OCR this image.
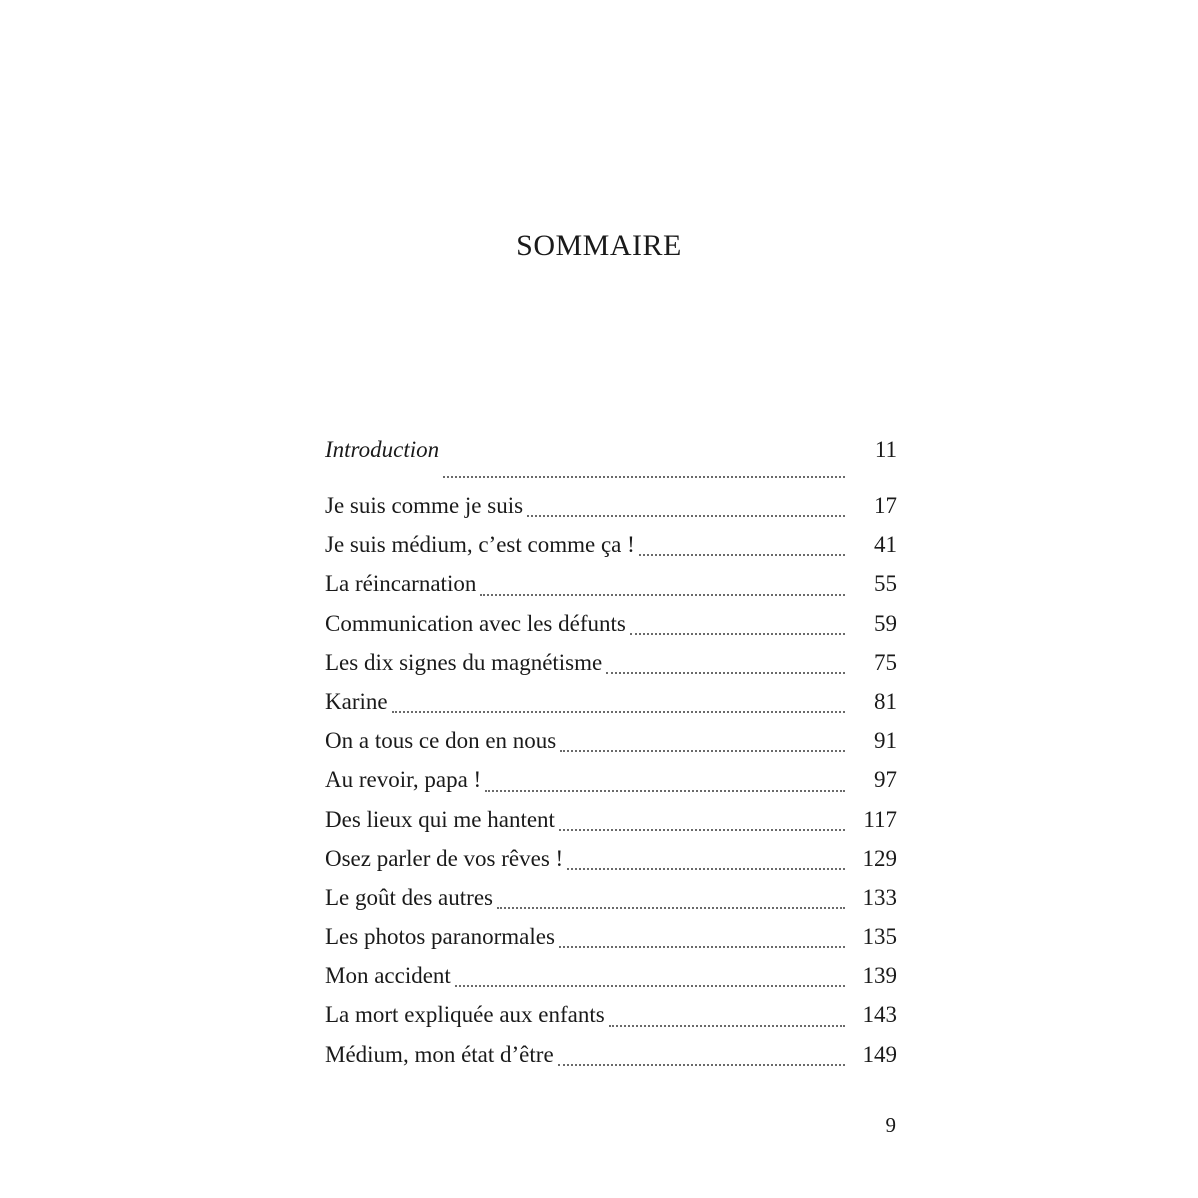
SOMMAIRE
Introduction	11
Je suis comme je suis	17
Je suis médium, c’est comme ça !	41
La réincarnation	55
Communication avec les défunts	59
Les dix signes du magnétisme	75
Karine	81
On a tous ce don en nous	91
Au revoir, papa !	97
Des lieux qui me hantent	117
Osez parler de vos rêves !	129
Le goût des autres	133
Les photos paranormales	135
Mon accident	139
La mort expliquée aux enfants	143
Médium, mon état d’être	149
9
